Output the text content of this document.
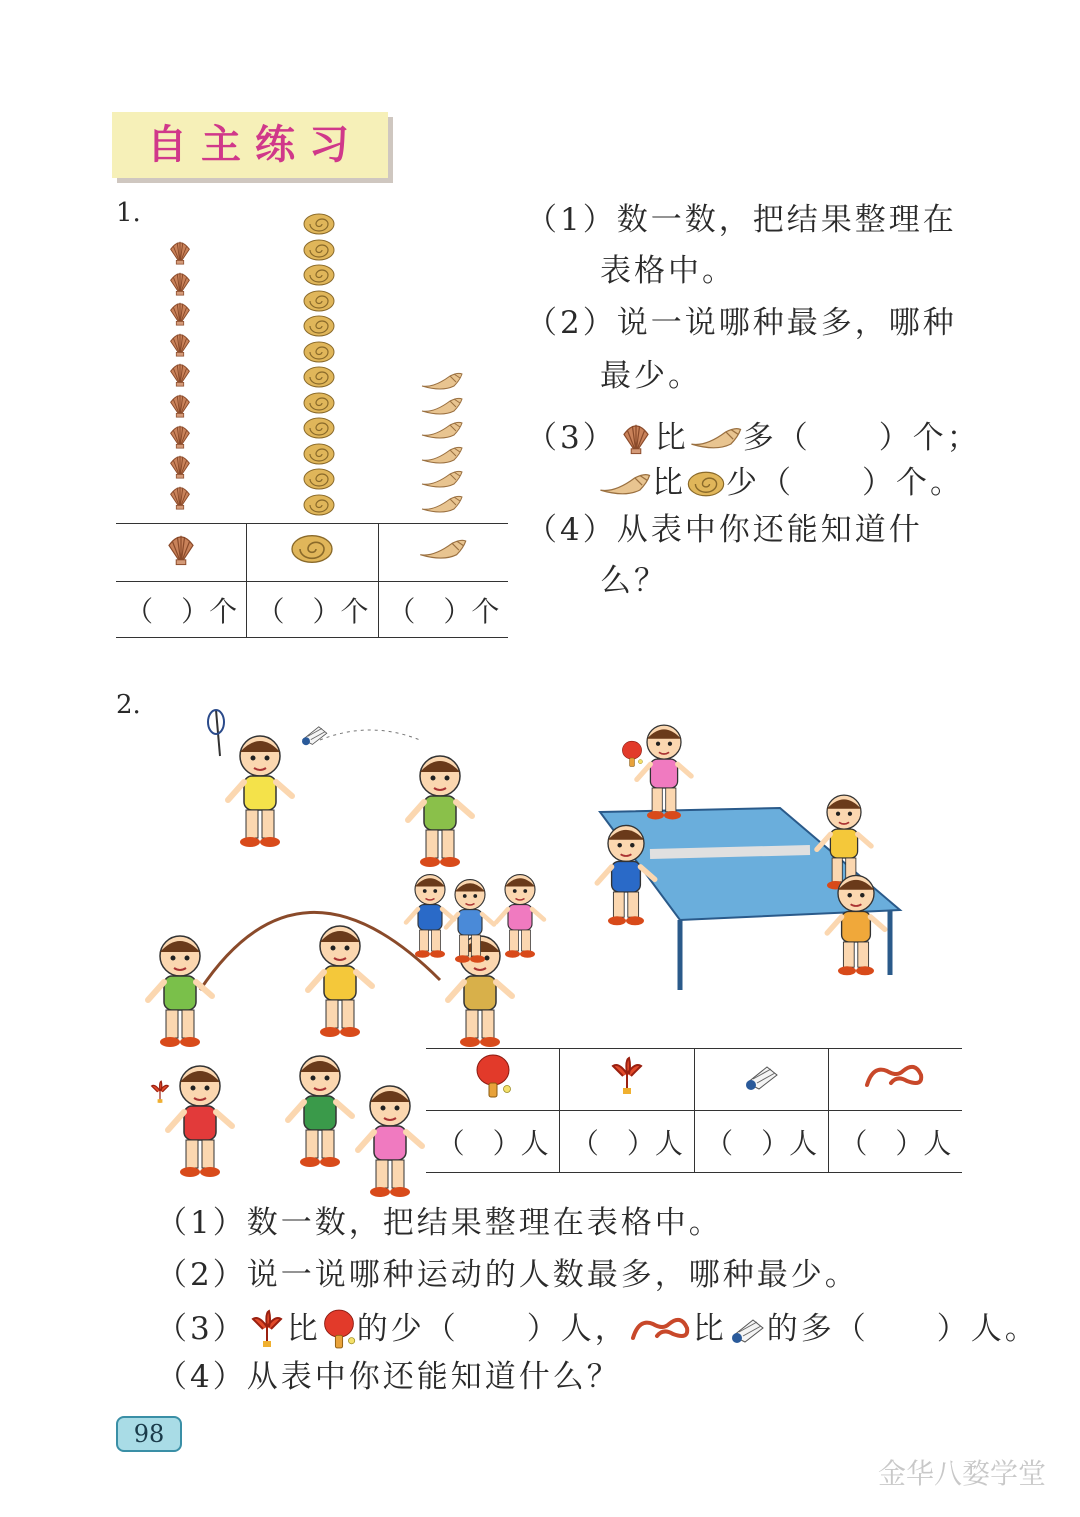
自主练习
1.

（　）个	（　）个	（　）个
（1）数一数，把结果整理在
表格中。
（2）说一说哪种最多，哪种
最少。
（3） 比 多（　　）个；
比 少（　　）个。
（4）从表中你还能知道什
么？
2.

（　）人	（　）人	（　）人	（　）人
（1）数一数，把结果整理在表格中。
（2）说一说哪种运动的人数最多，哪种最少。
（3） 比 的少（　　）人， 比 的多（　　）人。
（4）从表中你还能知道什么？
98
金华八婺学堂
